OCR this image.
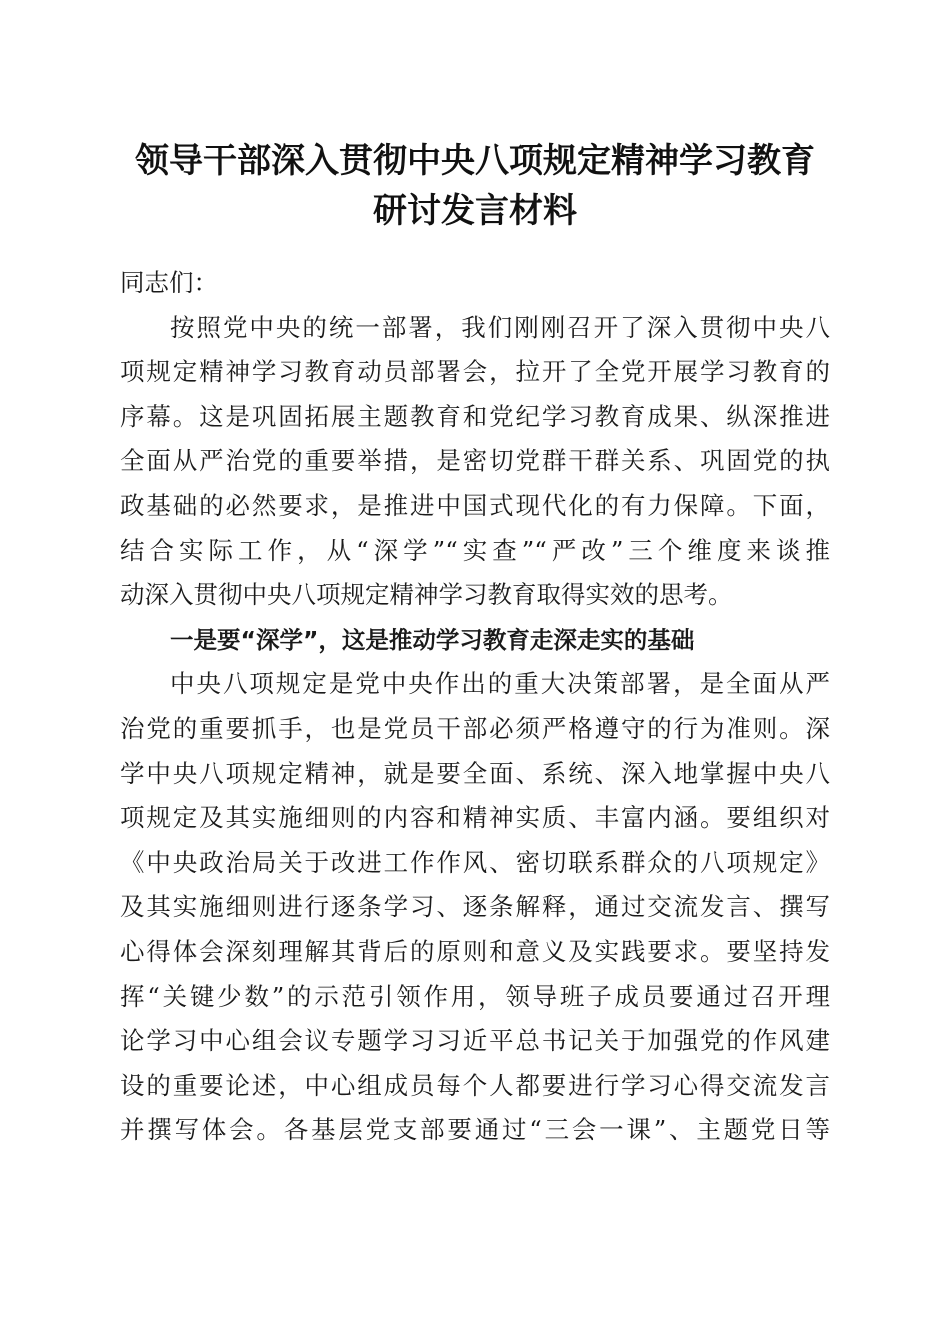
领导干部深入贯彻中央八项规定精神学习教育
研讨发言材料
同志们：
按照党中央的统一部署，我们刚刚召开了深入贯彻中央八
项规定精神学习教育动员部署会，拉开了全党开展学习教育的
序幕。这是巩固拓展主题教育和党纪学习教育成果、纵深推进
全面从严治党的重要举措，是密切党群干群关系、巩固党的执
政基础的必然要求，是推进中国式现代化的有力保障。下面，
结合实际工作，从“深学”“实查”“严改”三个维度来谈推
动深入贯彻中央八项规定精神学习教育取得实效的思考。
一是要“深学”，这是推动学习教育走深走实的基础
中央八项规定是党中央作出的重大决策部署，是全面从严
治党的重要抓手，也是党员干部必须严格遵守的行为准则。深
学中央八项规定精神，就是要全面、系统、深入地掌握中央八
项规定及其实施细则的内容和精神实质、丰富内涵。要组织对
《中央政治局关于改进工作作风、密切联系群众的八项规定》
及其实施细则进行逐条学习、逐条解释，通过交流发言、撰写
心得体会深刻理解其背后的原则和意义及实践要求。要坚持发
挥“关键少数”的示范引领作用，领导班子成员要通过召开理
论学习中心组会议专题学习习近平总书记关于加强党的作风建
设的重要论述，中心组成员每个人都要进行学习心得交流发言
并撰写体会。各基层党支部要通过“三会一课”、主题党日等
